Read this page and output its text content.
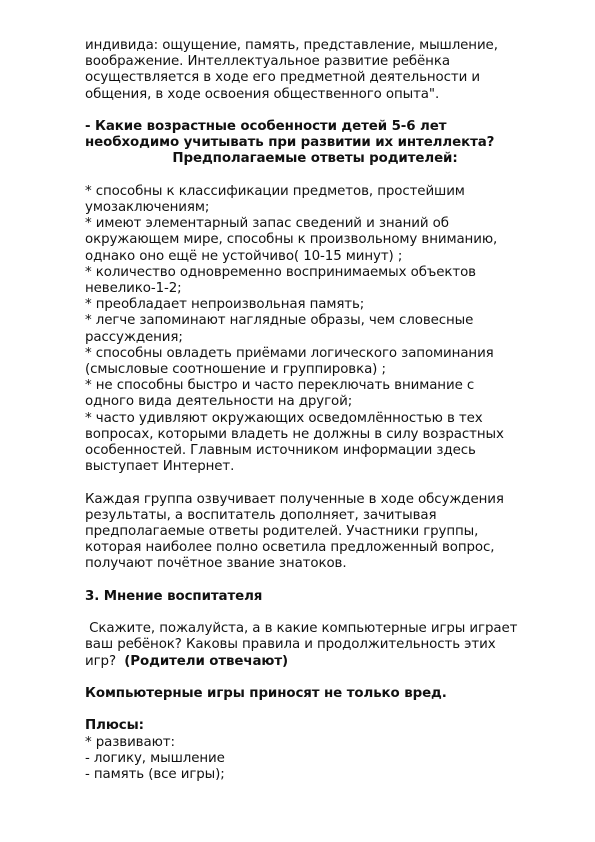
индивида: ощущение, память, представление, мышление,

воображение. Интеллектуальное развитие ребёнка

осуществляется в ходе его предметной деятельности и

общения, в ходе освоения общественного опыта".

- Какие возрастные особенности детей 5-6 лет

необходимо учитывать при развитии их интеллекта?

Предполагаемые ответы родителей:

* способны к классификации предметов, простейшим

умозаключениям;

* имеют элементарный запас сведений и знаний об

окружающем мире, способны к произвольному вниманию,

однако оно ещё не устойчиво( 10-15 минут) ;

* количество одновременно воспринимаемых объектов

невелико-1-2;

* преобладает непроизвольная память;

* легче запоминают наглядные образы, чем словесные

рассуждения;

* способны овладеть приёмами логического запоминания

(смысловые соотношение и группировка) ;

* не способны быстро и часто переключать внимание с

одного вида деятельности на другой;

* часто удивляют окружающих осведомлённостью в тех

вопросах, которыми владеть не должны в силу возрастных

особенностей. Главным источником информации здесь

выступает Интернет.

Каждая группа озвучивает полученные в ходе обсуждения

результаты, а воспитатель дополняет, зачитывая

предполагаемые ответы родителей. Участники группы,

которая наиболее полно осветила предложенный вопрос,

получают почётное звание знатоков.

3. Мнение воспитателя

Скажите, пожалуйста, а в какие компьютерные игры играет

ваш ребёнок? Каковы правила и продолжительность этих

игр?  (Родители отвечают)

Компьютерные игры приносят не только вред.

Плюсы:

* развивают:

- логику, мышление

- память (все игры);
